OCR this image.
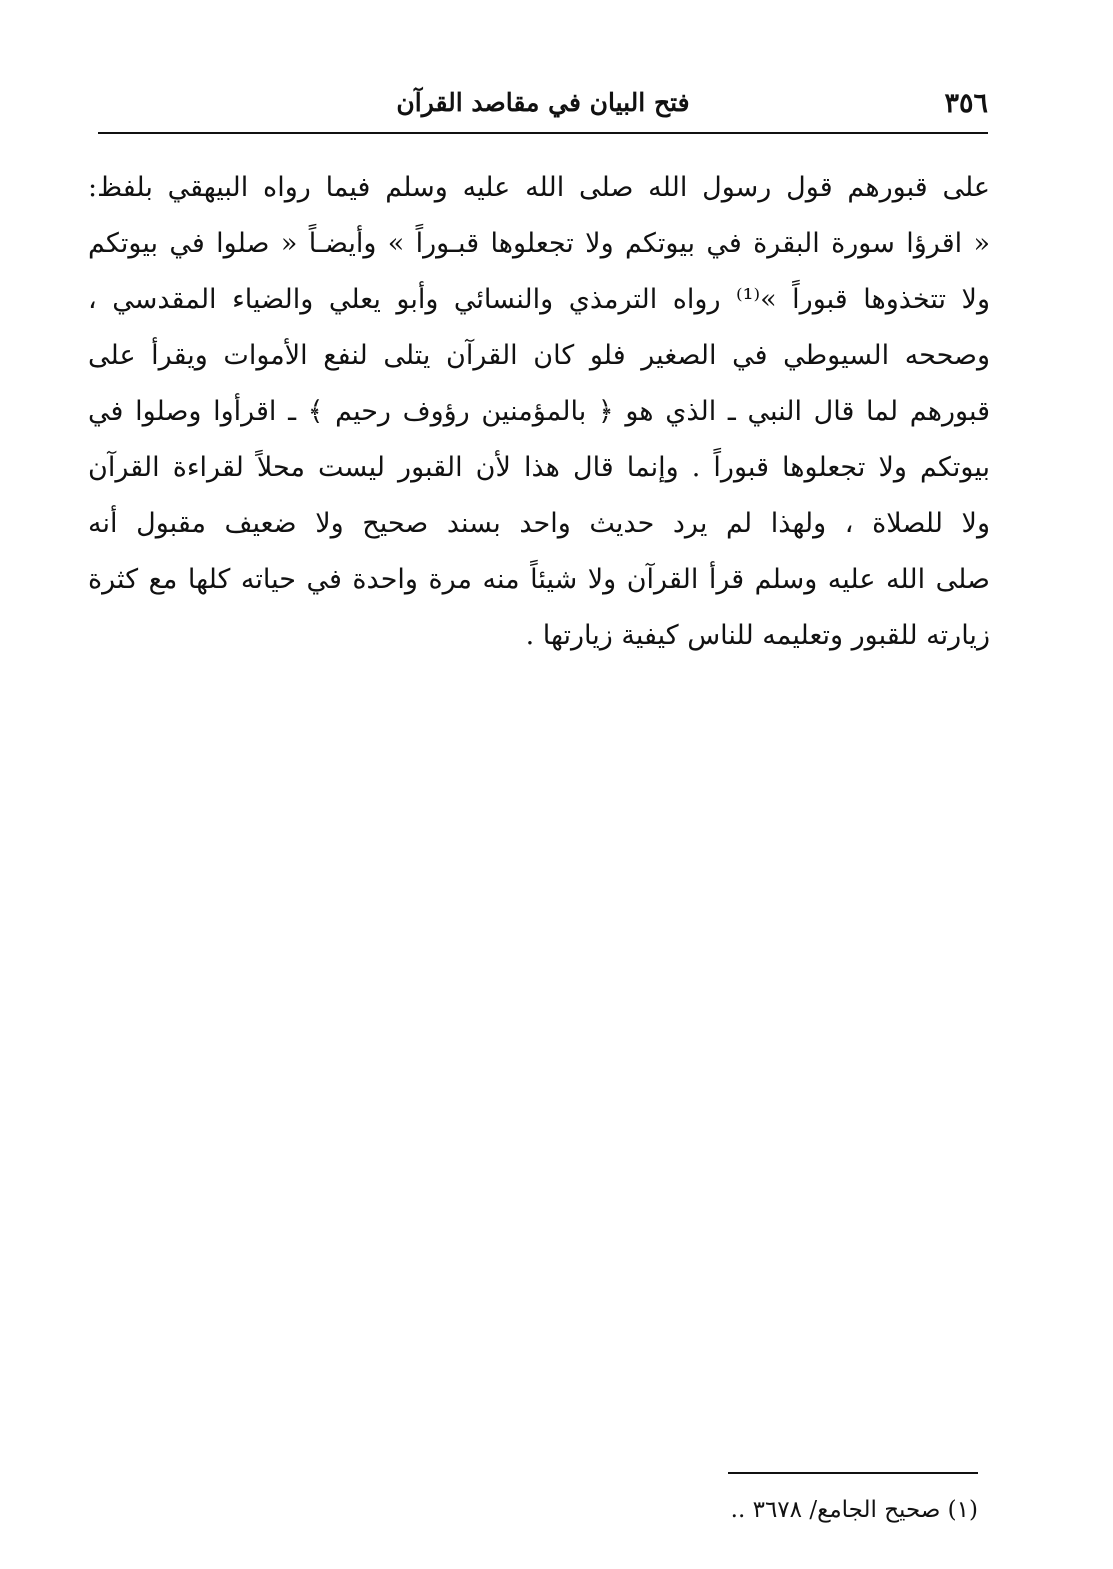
٣٥٦
فتح البيان في مقاصد القرآن
على قبورهم قول رسول الله صلى الله عليه وسلم فيما رواه البيهقي بلفظ:
« اقرؤا سورة البقرة في بيوتكم ولا تجعلوها قبـوراً » وأيضـاً « صلوا في بيوتكم
ولا تتخذوها قبوراً »⁽¹⁾ رواه الترمذي والنسائي وأبو يعلي والضياء المقدسي ،
وصححه السيوطي في الصغير فلو كان القرآن يتلى لنفع الأموات ويقرأ على
قبورهم لما قال النبي ـ الذي هو ﴿ بالمؤمنين رؤوف رحيم ﴾ ـ اقرأوا وصلوا في
بيوتكم ولا تجعلوها قبوراً . وإنما قال هذا لأن القبور ليست محلاً لقراءة القرآن
ولا للصلاة ، ولهذا لم يرد حديث واحد بسند صحيح ولا ضعيف مقبول أنه
صلى الله عليه وسلم قرأ القرآن ولا شيئاً منه مرة واحدة في حياته كلها مع كثرة
زيارته للقبور وتعليمه للناس كيفية زيارتها .
(١) صحيح الجامع/ ٣٦٧٨ ..
